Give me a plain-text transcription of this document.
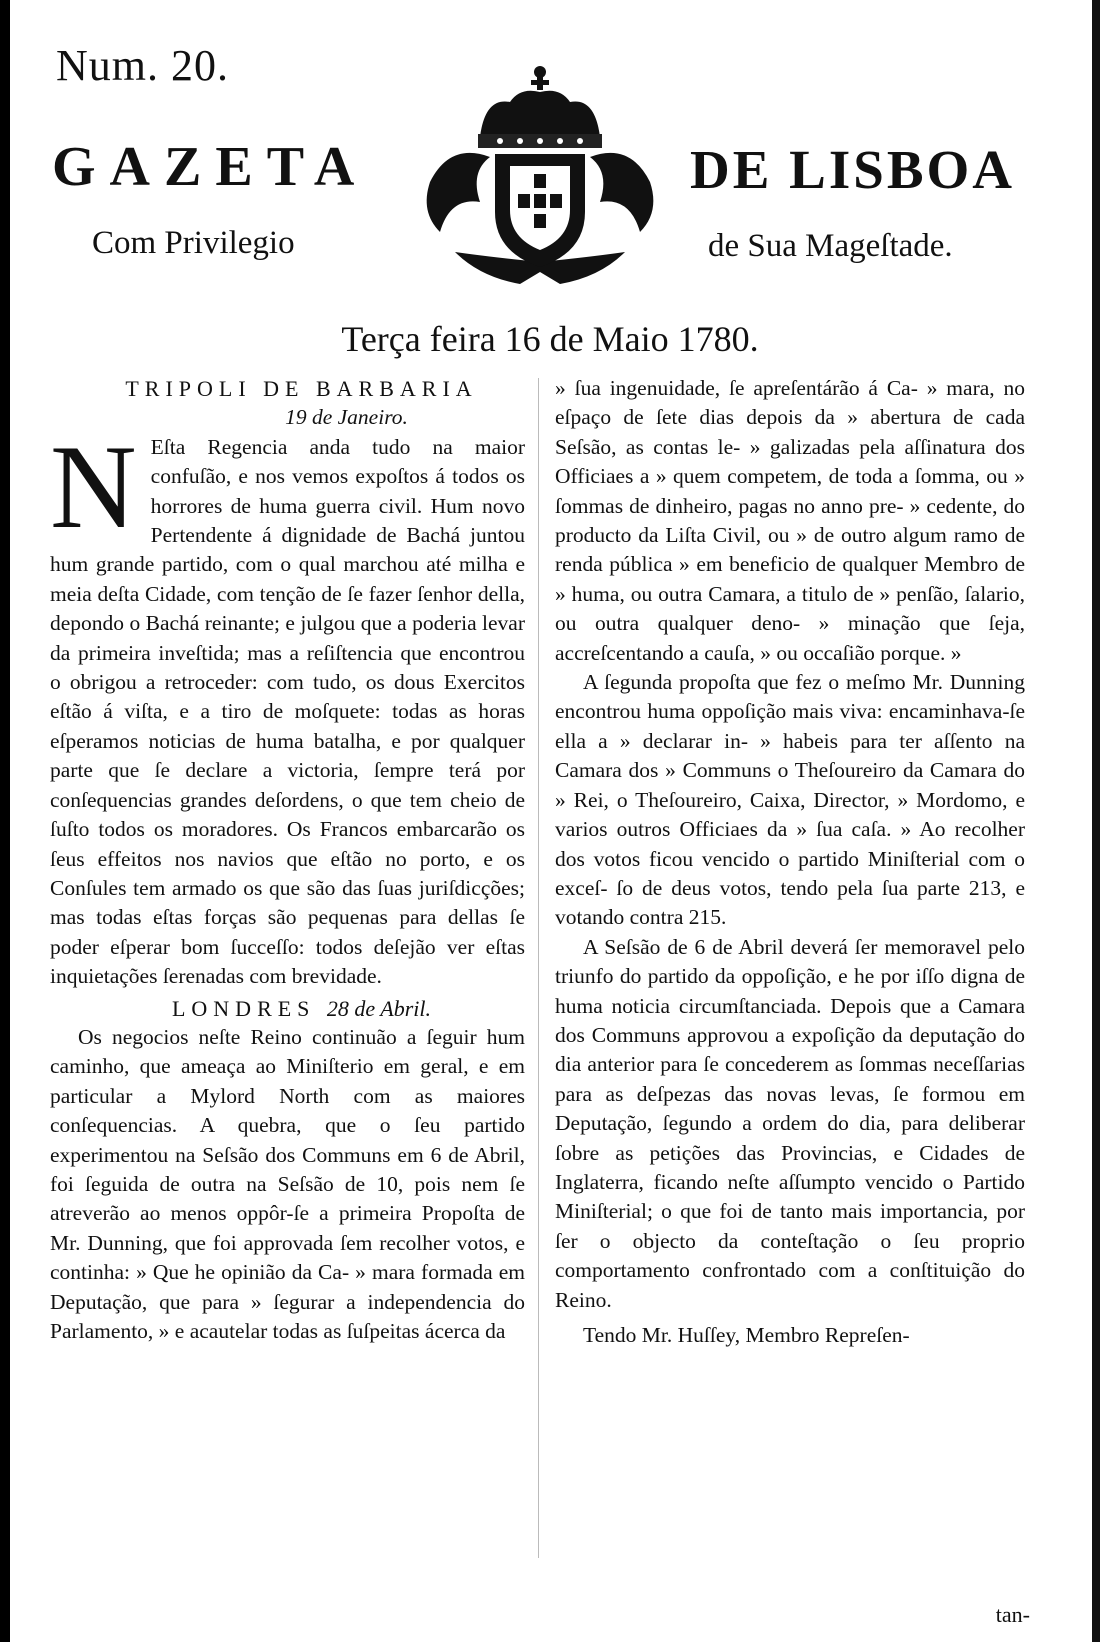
Num. 20.
GAZETA	DE LISBOA
Com Privilegio	de Sua Mageſtade.
Terça feira 16 de Maio 1780.

TRIPOLI DE BARBARIA

19 de Janeiro.

N Eſta Regencia anda tudo na maior confuſão, e nos vemos expoſtos á todos os horrores de huma guerra civil. Hum novo Pertendente á dignidade de Bachá juntou hum grande partido, com o qual marchou até milha e meia deſta Cidade, com tenção de ſe fazer ſenhor della, depondo o Bachá reinante; e julgou que a poderia levar da primeira inveſtida; mas a reſiſtencia que encontrou o obrigou a retroceder: com tudo, os dous Exercitos eſtão á viſta, e a tiro de moſquete: todas as horas eſperamos noticias de huma batalha, e por qualquer parte que ſe declare a victoria, ſempre terá por conſequencias grandes deſordens, o que tem cheio de ſuſto todos os moradores. Os Francos embarcarão os ſeus effeitos nos navios que eſtão no porto, e os Conſules tem armado os que são das ſuas juriſdicções; mas todas eſtas forças são pequenas para dellas ſe poder eſperar bom ſucceſſo: todos deſejão ver eſtas inquietações ſerenadas com brevidade.

LONDRES 28 de Abril.

Os negocios neſte Reino continuão a ſeguir hum caminho, que ameaça ao Miniſterio em geral, e em particular a Mylord North com as maiores conſequencias. A quebra, que o ſeu partido experimentou na Seſsão dos Communs em 6 de Abril, foi ſeguida de outra na Seſsão de 10, pois nem ſe atreverão ao menos oppôr-ſe a primeira Propoſta de Mr. Dunning, que foi approvada ſem recolher votos, e continha: » Que he opinião da Ca- » mara formada em Deputação, que para » ſegurar a independencia do Parlamento, » e acautelar todas as ſuſpeitas ácerca da

» ſua ingenuidade, ſe apreſentárão á Ca- » mara, no eſpaço de ſete dias depois da » abertura de cada Seſsão, as contas le- » galizadas pela aſſinatura dos Officiaes a » quem competem, de toda a ſomma, ou » ſommas de dinheiro, pagas no anno pre- » cedente, do producto da Liſta Civil, ou » de outro algum ramo de renda pública » em beneficio de qualquer Membro de » huma, ou outra Camara, a titulo de » penſão, ſalario, ou outra qualquer deno- » minação que ſeja, accreſcentando a cauſa, » ou occaſião porque. »

A ſegunda propoſta que fez o meſmo Mr. Dunning encontrou huma oppoſição mais viva: encaminhava-ſe ella a » declarar in- » habeis para ter aſſento na Camara dos » Communs o Theſoureiro da Camara do » Rei, o Theſoureiro, Caixa, Director, » Mordomo, e varios outros Officiaes da » ſua caſa. » Ao recolher dos votos ficou vencido o partido Miniſterial com o exceſ- ſo de deus votos, tendo pela ſua parte 213, e votando contra 215.

A Seſsão de 6 de Abril deverá ſer memoravel pelo triunfo do partido da oppoſição, e he por iſſo digna de huma noticia circumſtanciada. Depois que a Camara dos Communs approvou a expoſição da deputação do dia anterior para ſe concederem as ſommas neceſſarias para as deſpezas das novas levas, ſe formou em Deputação, ſegundo a ordem do dia, para deliberar ſobre as petições das Provincias, e Cidades de Inglaterra, ficando neſte aſſumpto vencido o Partido Miniſterial; o que foi de tanto mais importancia, por ſer o objecto da conteſtação o ſeu proprio comportamento confrontado com a conſtituição do Reino.

Tendo Mr. Huſſey, Membro Repreſen-

tan-
